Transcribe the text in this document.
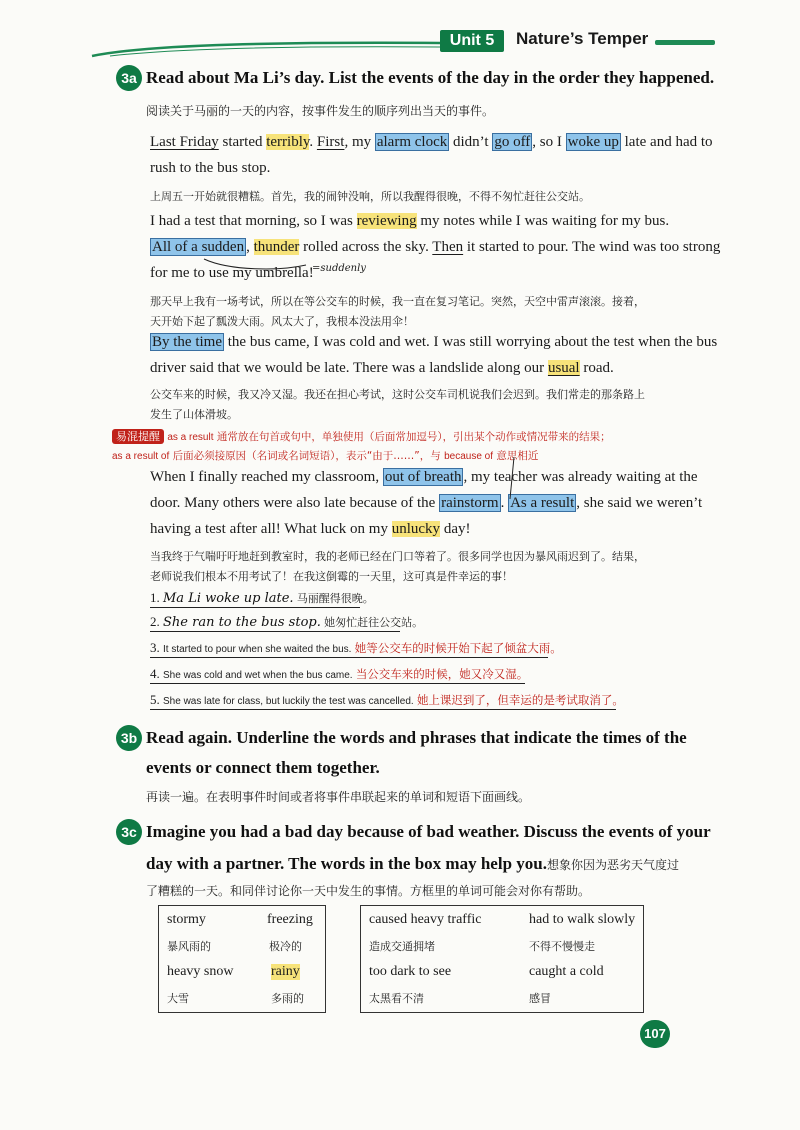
Unit 5	Nature’s Temper
3a Read about Ma Li’s day. List the events of the day in the order they happened.
阅读关于马丽的一天的内容，按事件发生的顺序列出当天的事件。
Last Friday started terribly. First, my alarm clock didn’t go off , so I woke up late and had to
rush to the bus stop.
上周五一开始就很糟糕。首先，我的闹钟没响，所以我醒得很晚，不得不匆忙赶往公交站。
I had a test that morning, so I was reviewing my notes while I was waiting for my bus.
All of a sudden , thunder rolled across the sky. Then it started to pour. The wind was too strong
for me to use my umbrella!
=suddenly
那天早上我有一场考试，所以在等公交车的时候，我一直在复习笔记。突然，天空中雷声滚滚。接着，
天开始下起了瓢泼大雨。风太大了，我根本没法用伞！
By the time the bus came, I was cold and wet. I was still worrying about the test when the bus
driver said that we would be late. There was a landslide along our usual road.
公交车来的时候，我又冷又湿。我还在担心考试，这时公交车司机说我们会迟到。我们常走的那条路上
发生了山体滑坡。
易混提醒 as a result 通常放在句首或句中，单独使用（后面常加逗号），引出某个动作或情况带来的结果；
as a result of 后面必须接原因（名词或名词短语），表示“由于……”，与 because of 意思相近
When I finally reached my classroom, out of breath , my teacher was already waiting at the
door. Many others were also late because of the rainstorm . As a result , she said we weren’t
having a test after all! What luck on my unlucky day!
当我终于气喘吁吁地赶到教室时，我的老师已经在门口等着了。很多同学也因为暴风雨迟到了。结果，
老师说我们根本不用考试了！在我这倒霉的一天里，这可真是件幸运的事！
1. Ma Li woke up late. 马丽醒得很晚。
2. She ran to the bus stop. 她匆忙赶往公交站。
3. It started to pour when she waited the bus. 她等公交车的时候开始下起了倾盆大雨。
4. She was cold and wet when the bus came. 当公交车来的时候，她又冷又湿。
5. She was late for class, but luckily the test was cancelled. 她上课迟到了，但幸运的是考试取消了。
3b Read again. Underline the words and phrases that indicate the times of the
events or connect them together.
再读一遍。在表明事件时间或者将事件串联起来的单词和短语下面画线。
3c Imagine you had a bad day because of bad weather. Discuss the events of your
day with a partner. The words in the box may help you.想象你因为恶劣天气度过
了糟糕的一天。和同伴讨论你一天中发生的事情。方框里的单词可能会对你有帮助。
stormy
暴风雨的
freezing
极冷的
heavy snow
大雪
rainy
多雨的
caused heavy traffic
造成交通拥堵
had to walk slowly
不得不慢慢走
too dark to see
太黑看不清
caught a cold
感冒
107
